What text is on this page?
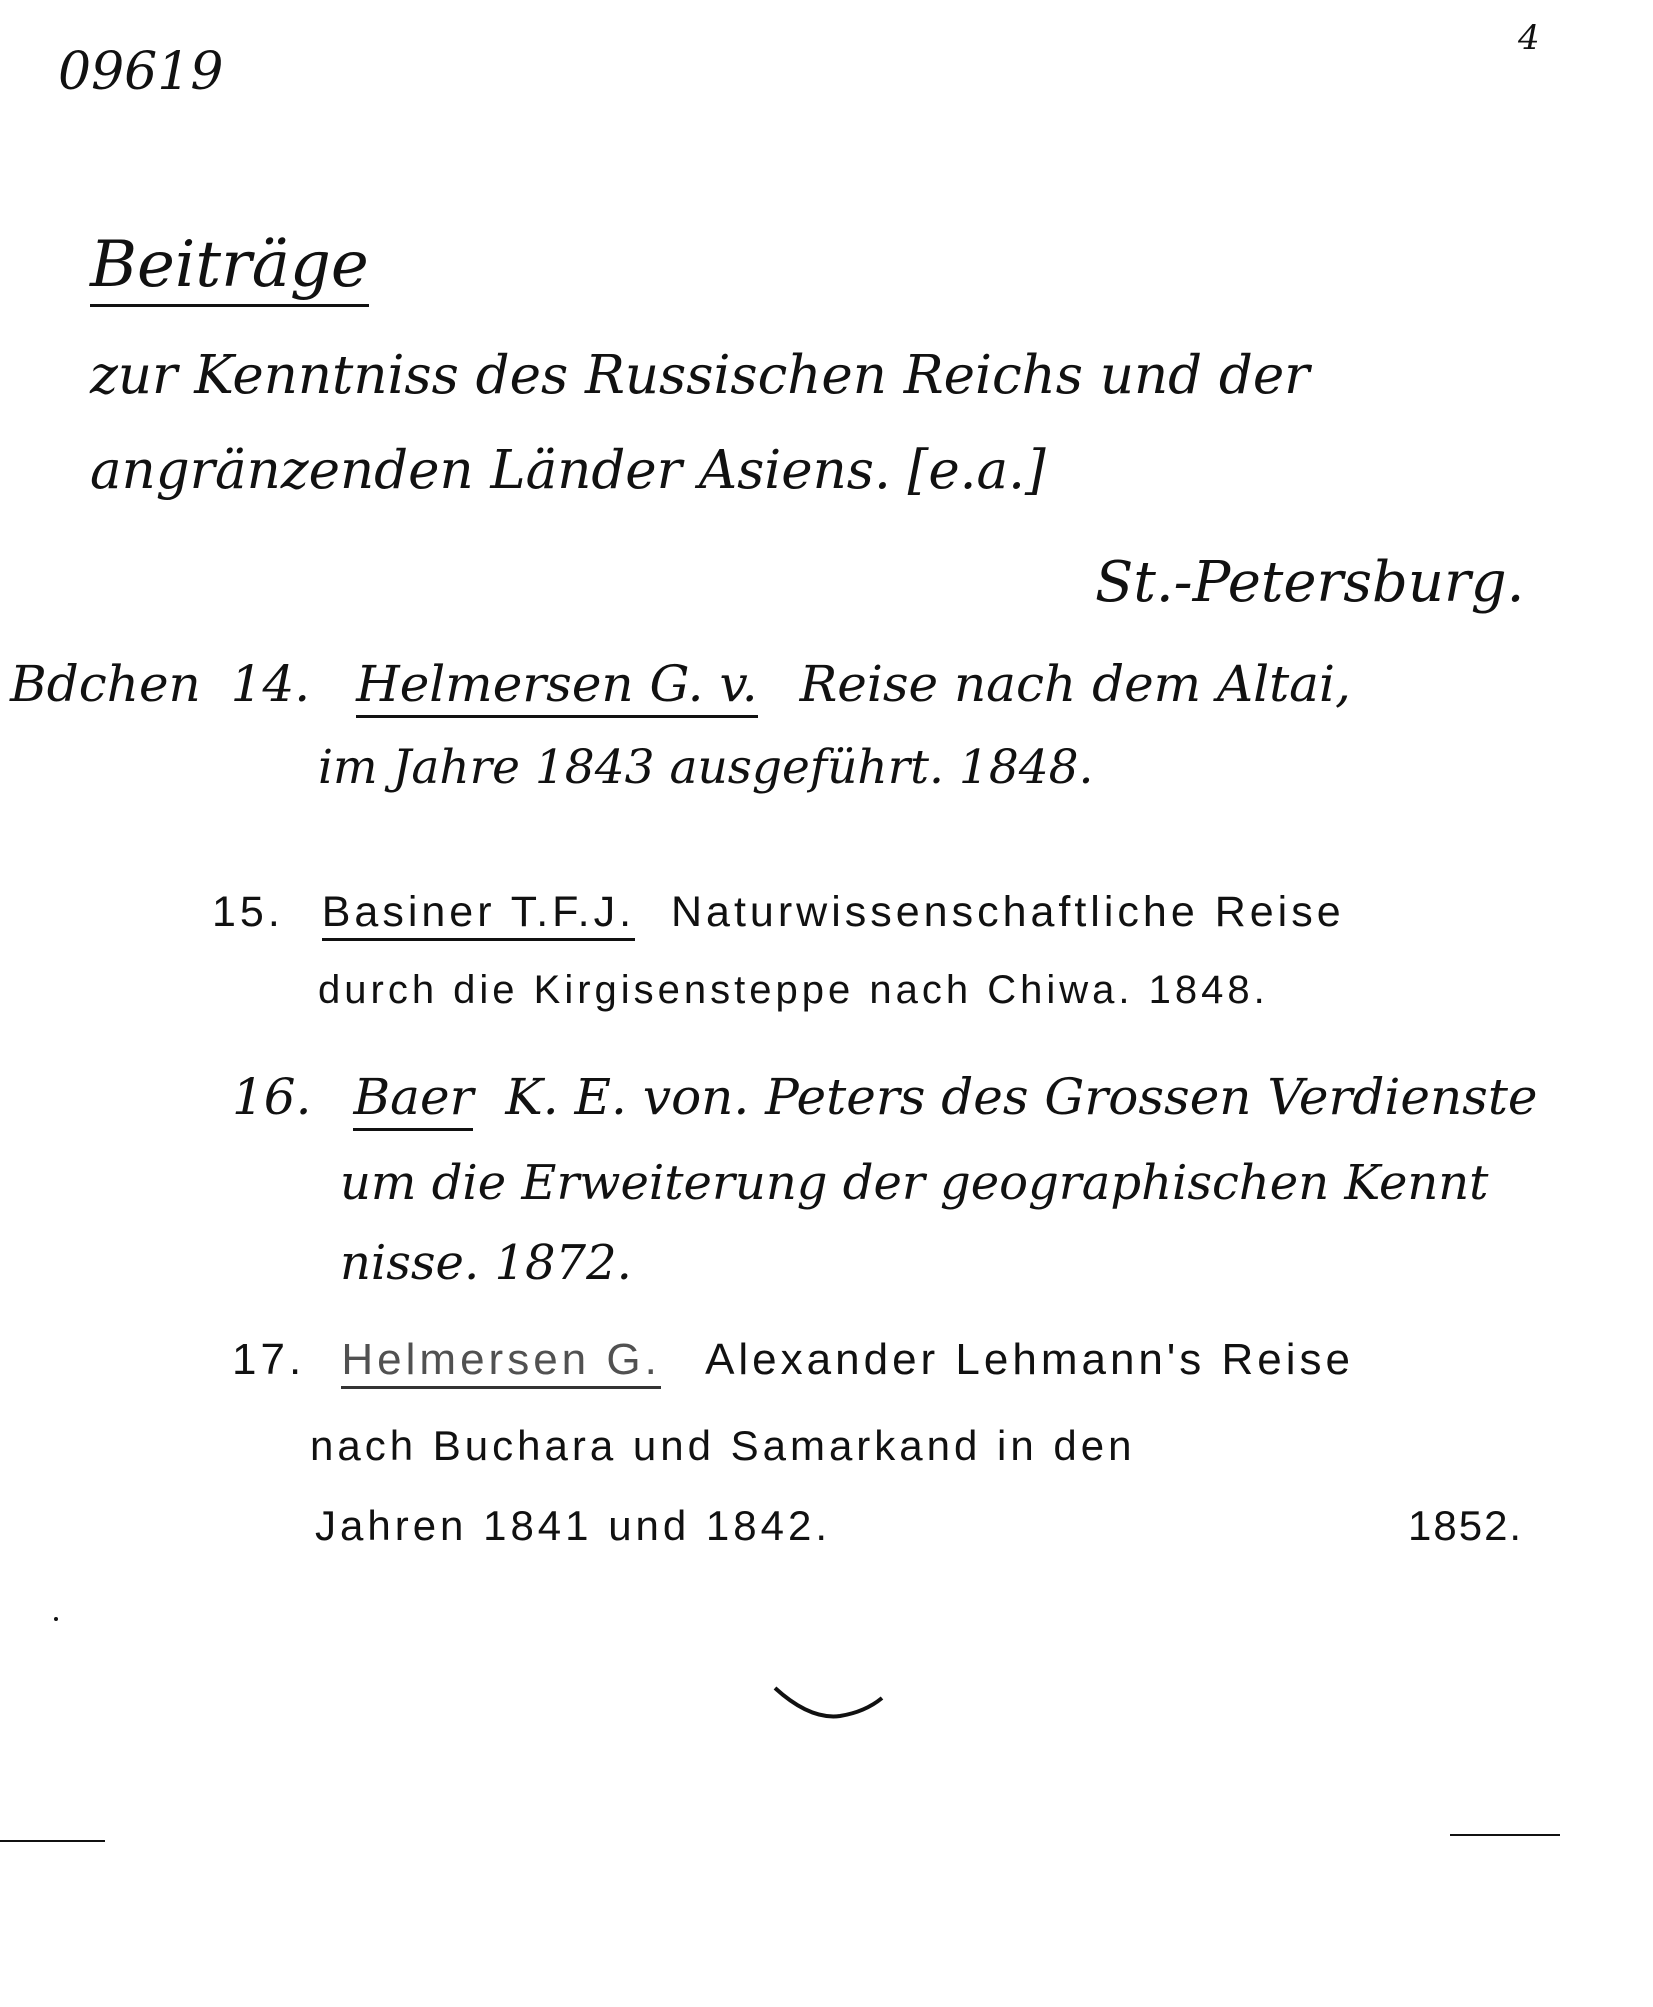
09619
4
Beiträge
zur Kenntniss des Russischen Reichs und der
angränzenden Länder Asiens. [e.a.]
St.-Petersburg.
Bdchen 14. Helmersen G. v. Reise nach dem Altai,
im Jahre 1843 ausgeführt. 1848.
15. Basiner T.F.J. Naturwissenschaftliche Reise
durch die Kirgisensteppe nach Chiwa. 1848.
16. Baer K. E. von. Peters des Grossen Verdienste
um die Erweiterung der geographischen Kennt
nisse. 1872.
17. Helmersen G. Alexander Lehmann's Reise
nach Buchara und Samarkand in den
Jahren 1841 und 1842.	1852.
